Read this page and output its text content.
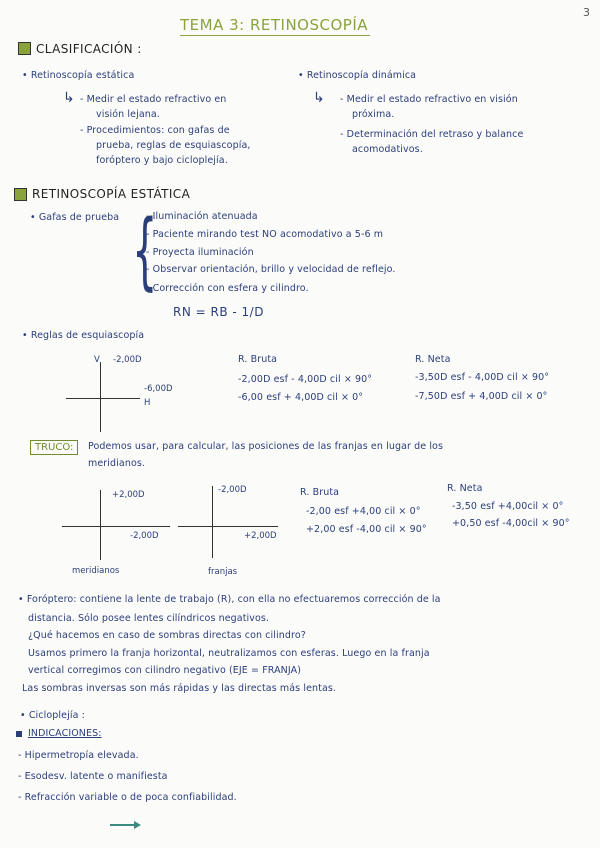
3
TEMA 3: RETINOSCOPÍA
CLASIFICACIÓN :
• Retinoscopía estática
↳ - Medir el estado refractivo en
visión lejana.
- Procedimientos: con gafas de
prueba, reglas de esquiascopía,
foróptero y bajo cicloplejía.
• Retinoscopía dinámica
↳ - Medir el estado refractivo en visión
próxima.
- Determinación del retraso y balance
acomodativos.
RETINOSCOPÍA ESTÁTICA
• Gafas de prueba {
- Iluminación atenuada
- Paciente mirando test NO acomodativo a 5-6 m
- Proyecta iluminación
- Observar orientación, brillo y velocidad de reflejo.
- Corrección con esfera y cilindro.
RN = RB - 1/D
• Reglas de esquiascopía
V -2,00D
-6,00D
H
R. Bruta
-2,00D esf - 4,00D cil × 90°
-6,00 esf + 4,00D cil × 0°
R. Neta
-3,50D esf - 4,00D cil × 90°
-7,50D esf + 4,00D cil × 0°
TRUCO:	Podemos usar, para calcular, las posiciones de las franjas en lugar de los
meridianos.
+2,00D
-2,00D
meridianos
-2,00D
+2,00D
franjas
R. Bruta
-2,00 esf +4,00 cil × 0°
+2,00 esf -4,00 cil × 90°
R. Neta
-3,50 esf +4,00cil × 0°
+0,50 esf -4,00cil × 90°
• Foróptero: contiene la lente de trabajo (R), con ella no efectuaremos corrección de la
distancia. Sólo posee lentes cilíndricos negativos.
¿Qué hacemos en caso de sombras directas con cilindro?
Usamos primero la franja horizontal, neutralizamos con esferas. Luego en la franja
vertical corregimos con cilindro negativo (EJE = FRANJA)
Las sombras inversas son más rápidas y las directas más lentas.
• Cicloplejía :
INDICACIONES:
- Hipermetropía elevada.
- Esodesv. latente o manifiesta
- Refracción variable o de poca confiabilidad.
